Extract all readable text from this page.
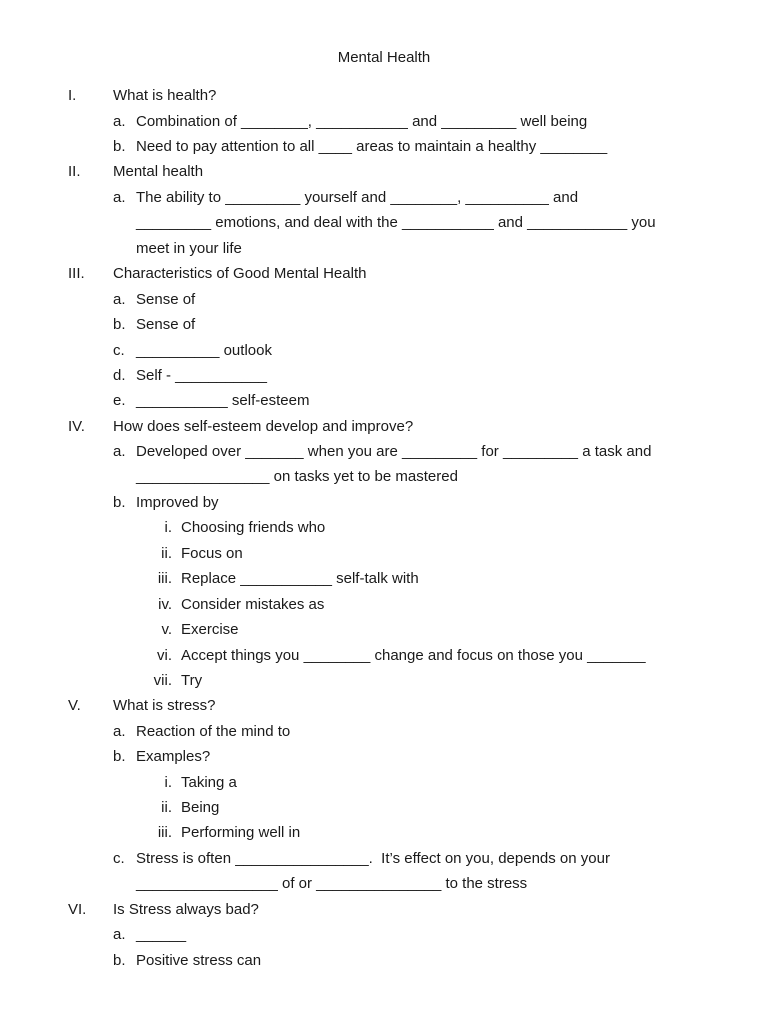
Mental Health
I. What is health?
a. Combination of ________, ___________ and _________ well being
b. Need to pay attention to all ____ areas to maintain a healthy ________
II. Mental health
a. The ability to _________ yourself and ________, __________ and
_________ emotions, and deal with the ___________ and ____________ you
meet in your life
III. Characteristics of Good Mental Health
a. Sense of
b. Sense of
c. __________ outlook
d. Self - ___________
e. ___________ self-esteem
IV. How does self-esteem develop and improve?
a. Developed over _______ when you are _________ for _________ a task and
________________ on tasks yet to be mastered
b. Improved by
i. Choosing friends who
ii. Focus on
iii. Replace ___________ self-talk with
iv. Consider mistakes as
v. Exercise
vi. Accept things you ________ change and focus on those you _______
vii. Try
V. What is stress?
a. Reaction of the mind to
b. Examples?
i. Taking a
ii. Being
iii. Performing well in
c. Stress is often ________________.  It’s effect on you, depends on your
_________________ of or _______________ to the stress
VI. Is Stress always bad?
a. ______
b. Positive stress can
